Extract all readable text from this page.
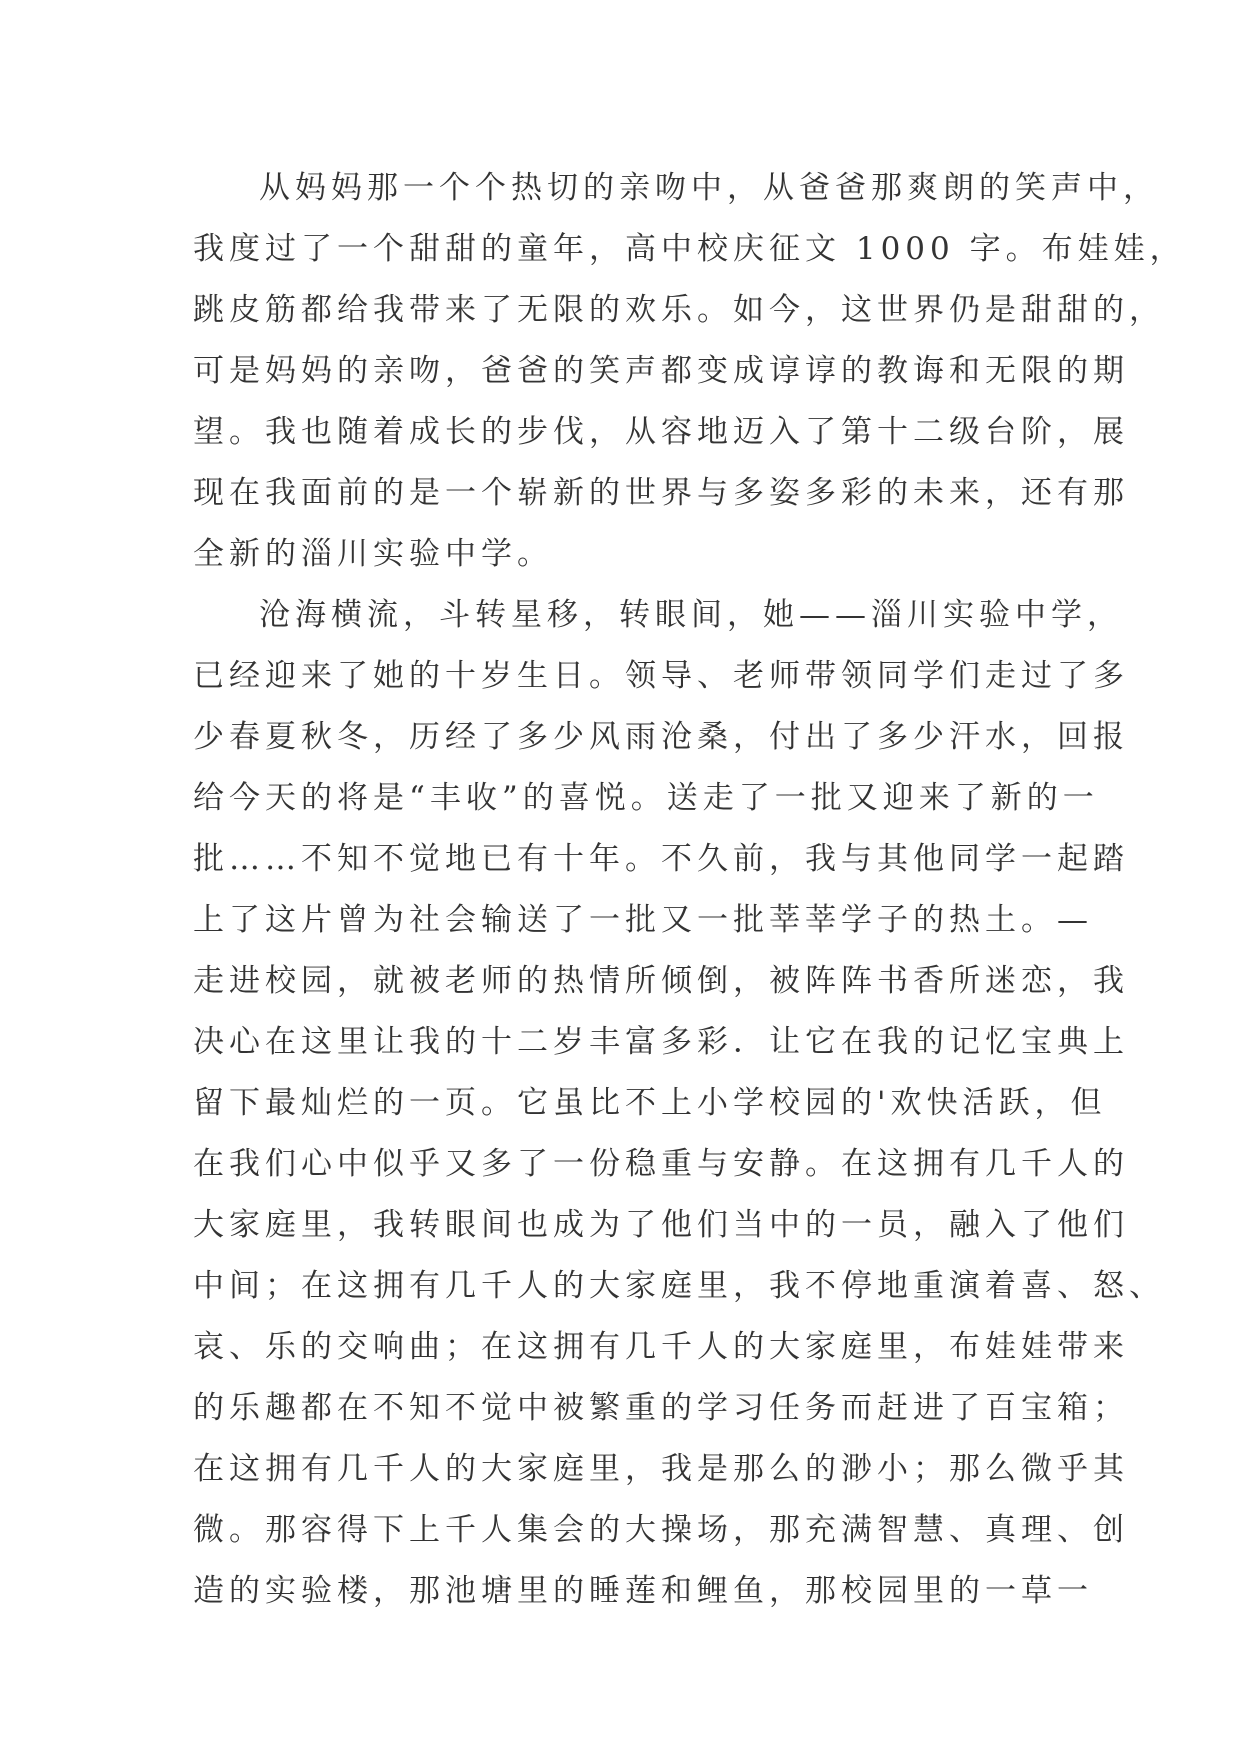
从妈妈那一个个热切的亲吻中，从爸爸那爽朗的笑声中，
我度过了一个甜甜的童年，高中校庆征文 1000 字。布娃娃，
跳皮筋都给我带来了无限的欢乐。如今，这世界仍是甜甜的，
可是妈妈的亲吻，爸爸的笑声都变成谆谆的教诲和无限的期
望。我也随着成长的步伐，从容地迈入了第十二级台阶，展
现在我面前的是一个崭新的世界与多姿多彩的未来，还有那
全新的淄川实验中学。
沧海横流，斗转星移，转眼间，她——淄川实验中学，
已经迎来了她的十岁生日。领导、老师带领同学们走过了多
少春夏秋冬，历经了多少风雨沧桑，付出了多少汗水，回报
给今天的将是“丰收”的喜悦。送走了一批又迎来了新的一
批……不知不觉地已有十年。不久前，我与其他同学一起踏
上了这片曾为社会输送了一批又一批莘莘学子的热土。—
走进校园，就被老师的热情所倾倒，被阵阵书香所迷恋，我
决心在这里让我的十二岁丰富多彩．让它在我的记忆宝典上
留下最灿烂的一页。它虽比不上小学校园的'欢快活跃，但
在我们心中似乎又多了一份稳重与安静。在这拥有几千人的
大家庭里，我转眼间也成为了他们当中的一员，融入了他们
中间；在这拥有几千人的大家庭里，我不停地重演着喜、怒、
哀、乐的交响曲；在这拥有几千人的大家庭里，布娃娃带来
的乐趣都在不知不觉中被繁重的学习任务而赶进了百宝箱；
在这拥有几千人的大家庭里，我是那么的渺小；那么微乎其
微。那容得下上千人集会的大操场，那充满智慧、真理、创
造的实验楼，那池塘里的睡莲和鲤鱼，那校园里的一草一
